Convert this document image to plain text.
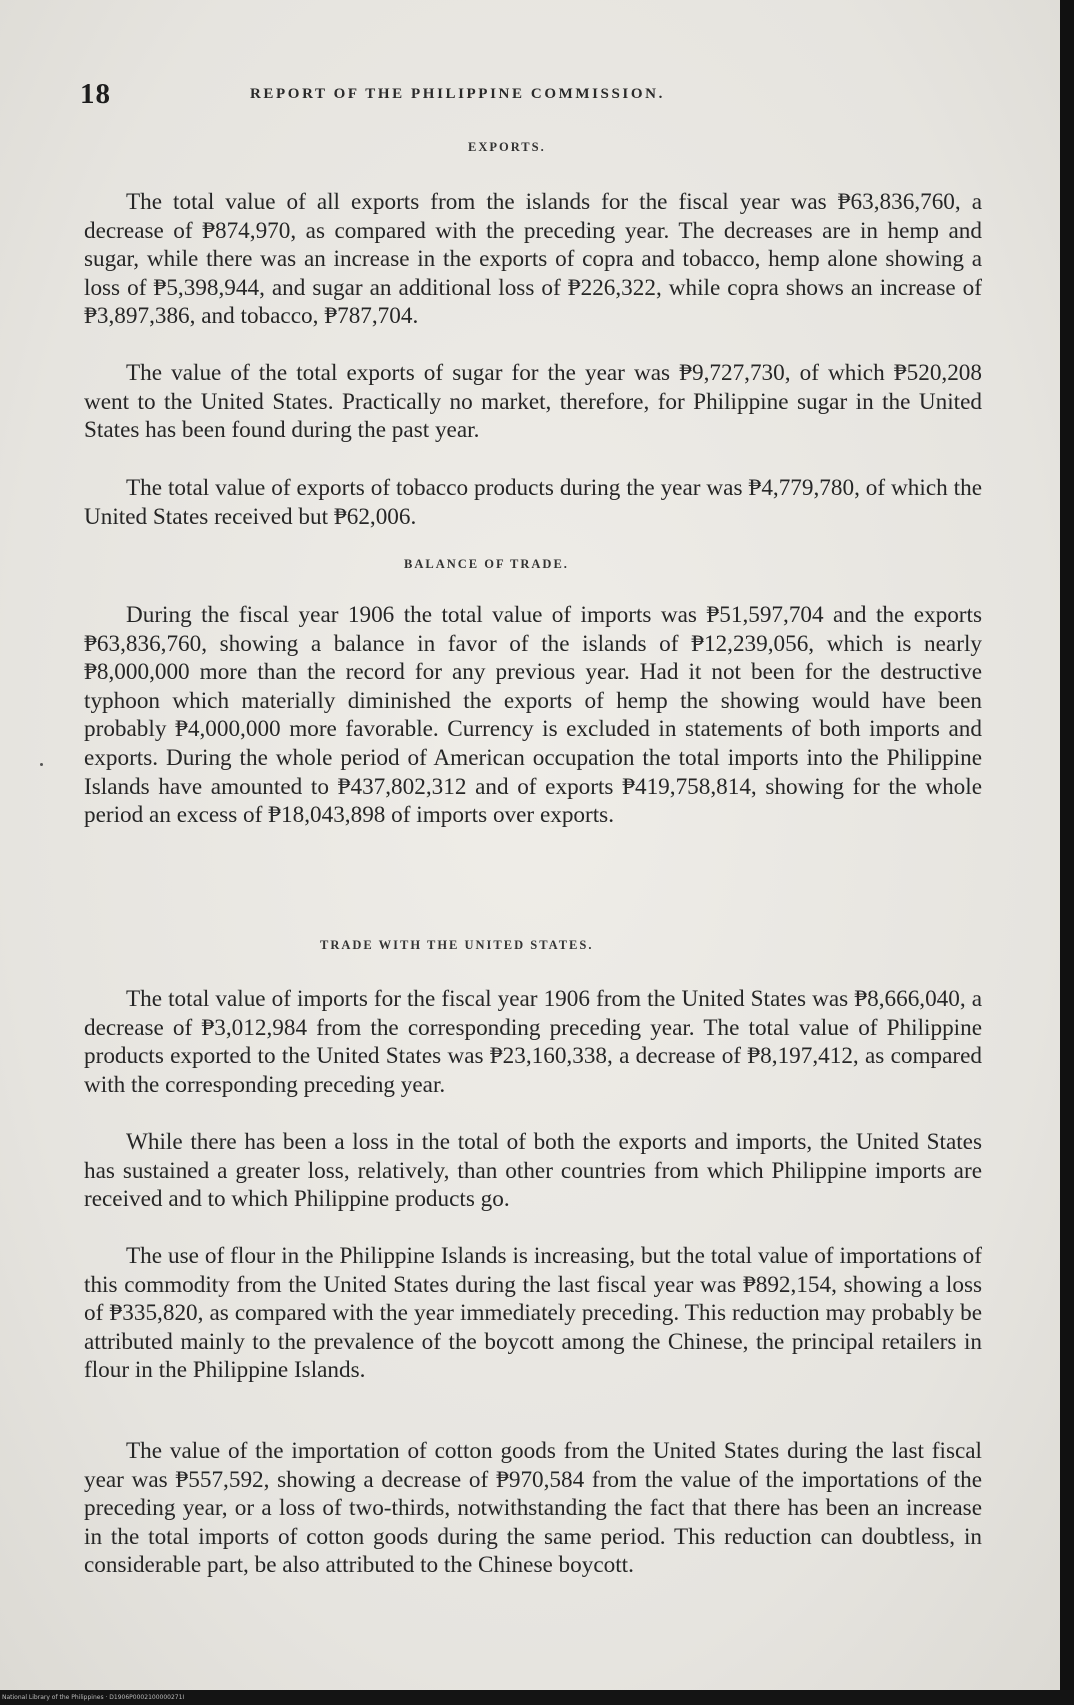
18	REPORT OF THE PHILIPPINE COMMISSION.
EXPORTS.

The total value of all exports from the islands for the fiscal year was ₱63,836,760, a decrease of ₱874,970, as compared with the preceding year. The decreases are in hemp and sugar, while there was an increase in the exports of copra and tobacco, hemp alone showing a loss of ₱5,398,944, and sugar an additional loss of ₱226,322, while copra shows an increase of ₱3,897,386, and tobacco, ₱787,704.

The value of the total exports of sugar for the year was ₱9,727,730, of which ₱520,208 went to the United States. Practically no market, therefore, for Philippine sugar in the United States has been found during the past year.

The total value of exports of tobacco products during the year was ₱4,779,780, of which the United States received but ₱62,006.

BALANCE OF TRADE.

During the fiscal year 1906 the total value of imports was ₱51,597,704 and the exports ₱63,836,760, showing a balance in favor of the islands of ₱12,239,056, which is nearly ₱8,000,000 more than the record for any previous year. Had it not been for the destructive typhoon which materially diminished the exports of hemp the showing would have been probably ₱4,000,000 more favorable. Currency is excluded in statements of both imports and exports. During the whole period of American occupation the total imports into the Philippine Islands have amounted to ₱437,802,312 and of exports ₱419,758,814, showing for the whole period an excess of ₱18,043,898 of imports over exports.

TRADE WITH THE UNITED STATES.

The total value of imports for the fiscal year 1906 from the United States was ₱8,666,040, a decrease of ₱3,012,984 from the corresponding preceding year. The total value of Philippine products exported to the United States was ₱23,160,338, a decrease of ₱8,197,412, as compared with the corresponding preceding year.

While there has been a loss in the total of both the exports and imports, the United States has sustained a greater loss, relatively, than other countries from which Philippine imports are received and to which Philippine products go.

The use of flour in the Philippine Islands is increasing, but the total value of importations of this commodity from the United States during the last fiscal year was ₱892,154, showing a loss of ₱335,820, as compared with the year immediately preceding. This reduction may probably be attributed mainly to the prevalence of the boycott among the Chinese, the principal retailers in flour in the Philippine Islands.

The value of the importation of cotton goods from the United States during the last fiscal year was ₱557,592, showing a decrease of ₱970,584 from the value of the importations of the preceding year, or a loss of two-thirds, notwithstanding the fact that there has been an increase in the total imports of cotton goods during the same period. This reduction can doubtless, in considerable part, be also attributed to the Chinese boycott.

National Library of the Philippines · D1906P0002100000271I
